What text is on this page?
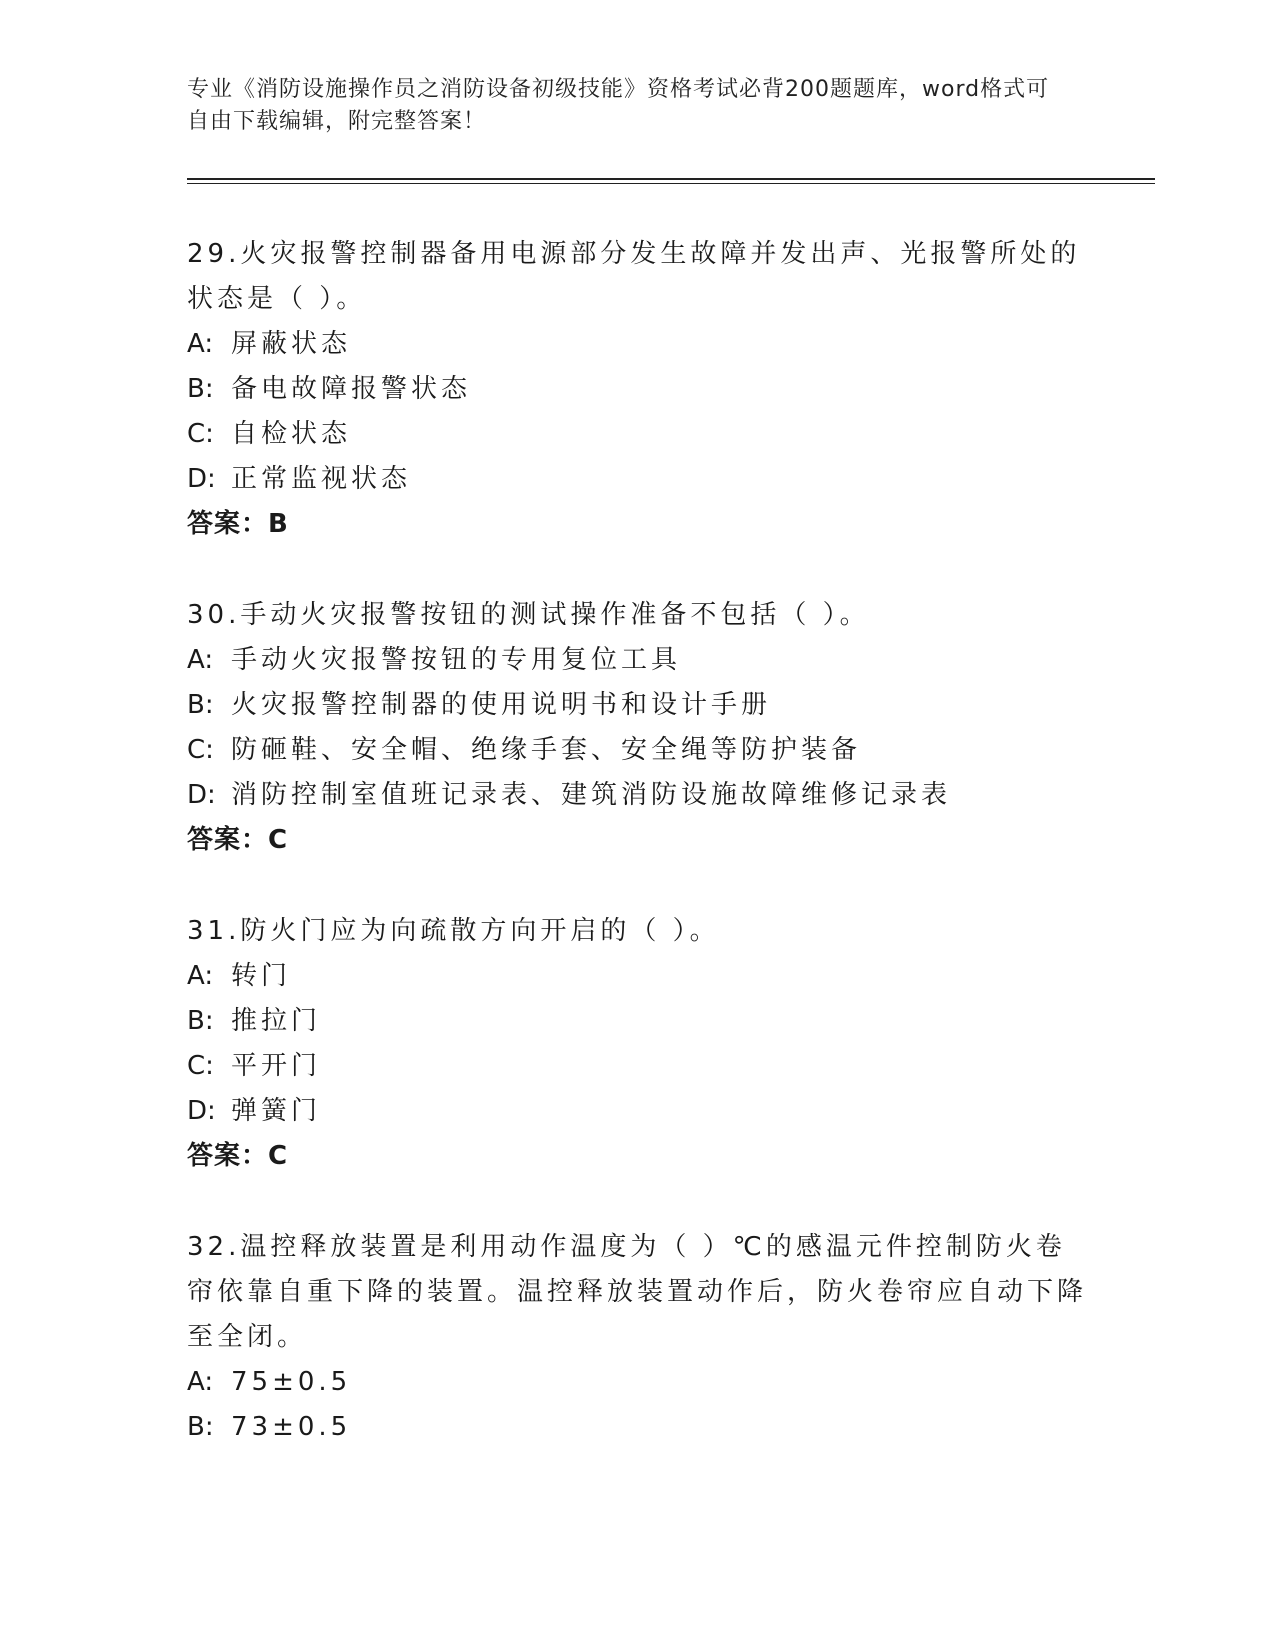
专业《消防设施操作员之消防设备初级技能》资格考试必背200题题库，word格式可自由下载编辑，附完整答案！

29.火灾报警控制器备用电源部分发生故障并发出声、光报警所处的状态是（ ）。

A: 屏蔽状态

B: 备电故障报警状态

C: 自检状态

D: 正常监视状态

答案：B

30.手动火灾报警按钮的测试操作准备不包括（ ）。

A: 手动火灾报警按钮的专用复位工具

B: 火灾报警控制器的使用说明书和设计手册

C: 防砸鞋、安全帽、绝缘手套、安全绳等防护装备

D: 消防控制室值班记录表、建筑消防设施故障维修记录表

答案：C

31.防火门应为向疏散方向开启的（ ）。

A: 转门

B: 推拉门

C: 平开门

D: 弹簧门

答案：C

32.温控释放装置是利用动作温度为（ ）℃的感温元件控制防火卷帘依靠自重下降的装置。温控释放装置动作后，防火卷帘应自动下降至全闭。

A: 75±0.5

B: 73±0.5
